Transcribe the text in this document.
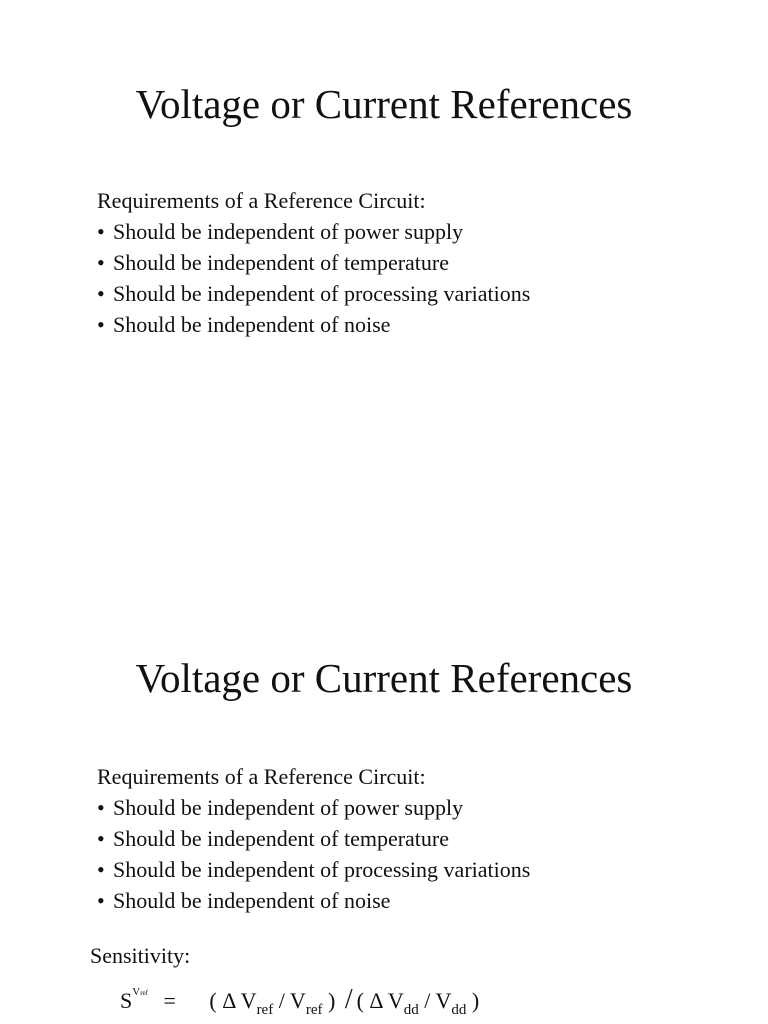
Voltage or Current References
Requirements of a Reference Circuit:
• Should be independent of power supply
• Should be independent of temperature
• Should be independent of processing variations
• Should be independent of noise
Voltage or Current References
Requirements of a Reference Circuit:
• Should be independent of power supply
• Should be independent of temperature
• Should be independent of processing variations
• Should be independent of noise
Sensitivity:
$S^{Vref}$ = ( Δ $V_{ref} / V_{ref}$ ) / ( Δ $V_{dd} / V_{dd}$ )
